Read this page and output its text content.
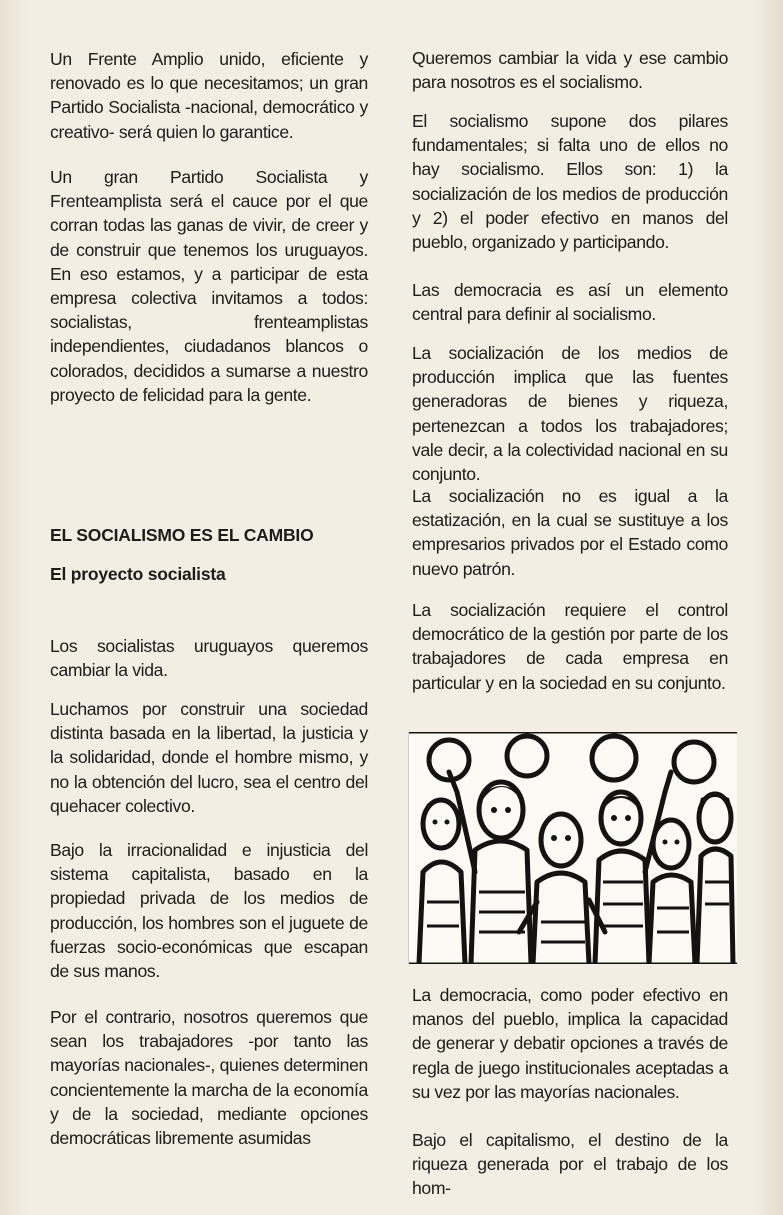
Un Frente Amplio unido, eficiente y renovado es lo que necesitamos; un gran Partido Socialista -nacional, democrático y creativo- será quien lo garantice.

Un gran Partido Socialista y Frenteamplista será el cauce por el que corran todas las ganas de vivir, de creer y de construir que tenemos los uruguayos. En eso estamos, y a participar de esta empresa colectiva invitamos a todos: socialistas, frenteamplistas independientes, ciudadanos blancos o colorados, decididos a sumarse a nuestro proyecto de felicidad para la gente.

EL SOCIALISMO ES EL CAMBIO
El proyecto socialista

Los socialistas uruguayos queremos cambiar la vida.

Luchamos por construir una sociedad distinta basada en la libertad, la justicia y la solidaridad, donde el hombre mismo, y no la obtención del lucro, sea el centro del quehacer colectivo.

Bajo la irracionalidad e injusticia del sistema capitalista, basado en la propiedad privada de los medios de producción, los hombres son el juguete de fuerzas socio-económicas que escapan de sus manos.

Por el contrario, nosotros queremos que sean los trabajadores -por tanto las mayorías nacionales-, quienes determinen concientemente la marcha de la economía y de la sociedad, mediante opciones democráticas libremente asumidas

Queremos cambiar la vida y ese cambio para nosotros es el socialismo.

El socialismo supone dos pilares fundamentales; si falta uno de ellos no hay socialismo. Ellos son: 1) la socialización de los medios de producción y 2) el poder efectivo en manos del pueblo, organizado y participando.

Las democracia es así un elemento central para definir al socialismo.

La socialización de los medios de producción implica que las fuentes generadoras de bienes y riqueza, pertenezcan a todos los trabajadores; vale decir, a la colectividad nacional en su conjunto.

La socialización no es igual a la estatización, en la cual se sustituye a los empresarios privados por el Estado como nuevo patrón.

La socialización requiere el control democrático de la gestión por parte de los trabajadores de cada empresa en particular y en la sociedad en su conjunto.

La democracia, como poder efectivo en manos del pueblo, implica la capacidad de generar y debatir opciones a través de regla de juego institucionales aceptadas a su vez por las mayorías nacionales.

Bajo el capitalismo, el destino de la riqueza generada por el trabajo de los hom-
